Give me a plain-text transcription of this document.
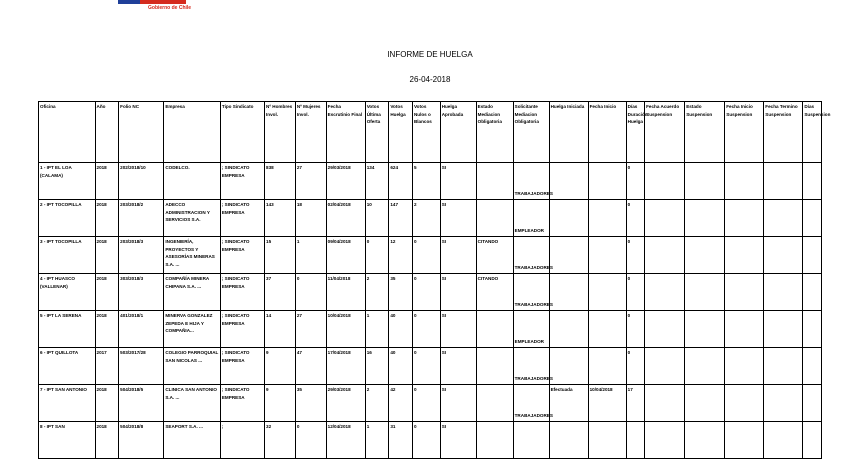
Gobierno de Chile
INFORME DE HUELGA
26-04-2018
Oficina	Año	Folio NC	Empresa	Tipo Sindicato	Nº Hombres Invol.	Nº Mujeres Invol.	Fecha Escrutinio Final	Votos Última Oferta	Votos Huelga	Votos Nulos o Blancos	Huelga Aprobada	Estado Mediacion Obligatoria	Solicitante Mediacion Obligatoria	Huelga Iniciada	Fecha Inicio	Días Duración Huelga	Fecha Acuerdo Suspension	Estado Suspension	Fecha Inicio Suspension	Fecha Termino Suspension	Días Suspension
1 - IPT EL LOA (CALAMA)	2018	202/2018/10	CODELCO.	; SINDICATO EMPRESA	838	27	29/03/2018	134	624	5	SI		TRABAJADORES			0					
2 - IPT TOCOPILLA	2018	203/2018/2	ADECCO ADMINISTRACION Y SERVICIOS S.A.	; SINDICATO EMPRESA	143	18	02/04/2018	10	147	2	SI		EMPLEADOR			0					
3 - IPT TOCOPILLA	2018	203/2018/3	INGENIERÍA, PROYECTOS Y ASESORÍAS MINERAS S.A. ...	; SINDICATO EMPRESA	15	1	09/04/2018	0	12	0	SI	CITANDO	TRABAJADORES			0					
4 - IPT HUASCO (VALLENAR)	2018	303/2018/3	COMPAÑÍA MINERA CHIPANA S.A. ...	; SINDICATO EMPRESA	37	0	11/04/2018	2	35	0	SI	CITANDO	TRABAJADORES			0					
5 - IPT LA SERENA	2018	401/2018/1	MINERVA GONZALEZ ZEPEDA E HIJA Y COMPAÑIA...	; SINDICATO EMPRESA	14	27	10/04/2018	1	40	0	SI		EMPLEADOR			0					
6 - IPT QUILLOTA	2017	503/2017/28	COLEGIO PARROQUIAL SAN NICOLAS ...	; SINDICATO EMPRESA	9	47	17/04/2018	16	40	0	SI		TRABAJADORES			0					
7 - IPT SAN ANTONIO	2018	504/2018/5	CLINICA SAN ANTONIO S.A. ...	; SINDICATO EMPRESA	9	35	29/03/2018	2	42	0	SI		TRABAJADORES	Efectuada	10/04/2018	17					
8 - IPT SAN	2018	504/2018/8	SEAPORT S.A. ...	;	32	0	12/04/2018	1	31	0	SI		
